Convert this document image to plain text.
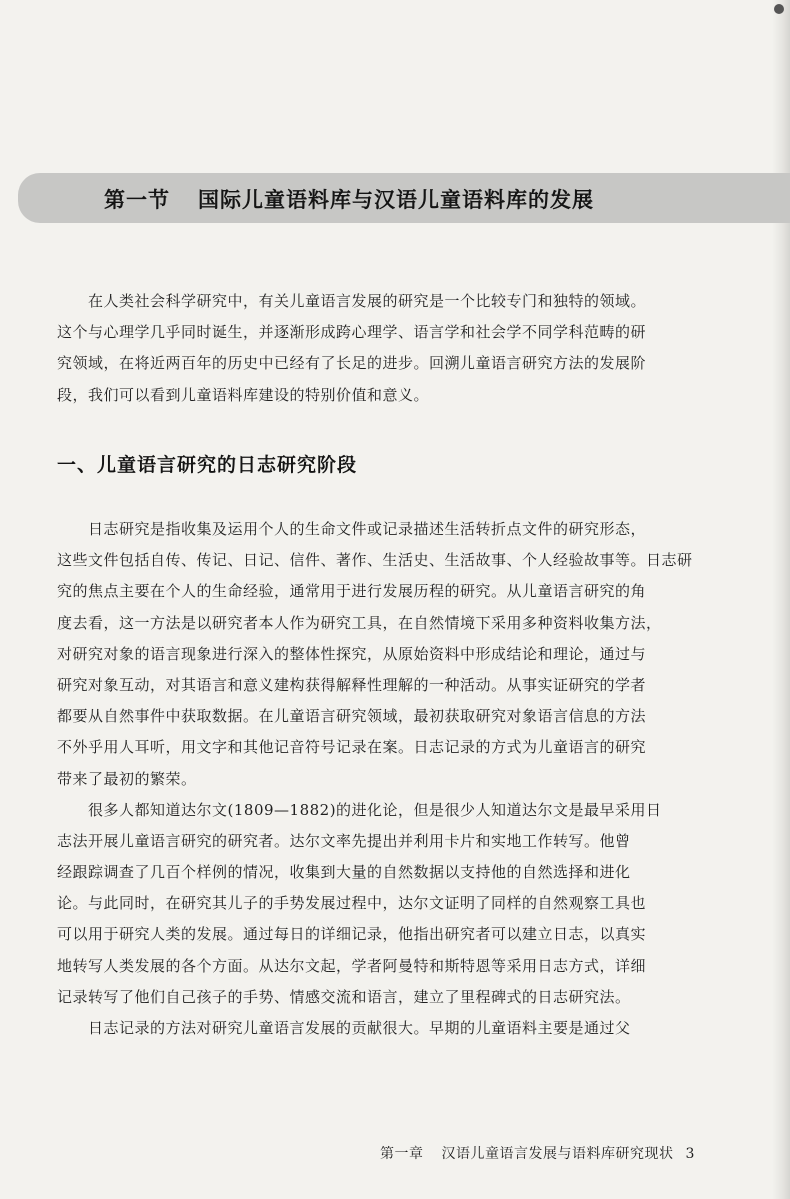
第一节 国际儿童语料库与汉语儿童语料库的发展
　　在人类社会科学研究中，有关儿童语言发展的研究是一个比较专门和独特的领域。
这个与心理学几乎同时诞生，并逐渐形成跨心理学、语言学和社会学不同学科范畴的研
究领域，在将近两百年的历史中已经有了长足的进步。回溯儿童语言研究方法的发展阶
段，我们可以看到儿童语料库建设的特别价值和意义。
一、儿童语言研究的日志研究阶段
　　日志研究是指收集及运用个人的生命文件或记录描述生活转折点文件的研究形态，
这些文件包括自传、传记、日记、信件、著作、生活史、生活故事、个人经验故事等。日志研
究的焦点主要在个人的生命经验，通常用于进行发展历程的研究。从儿童语言研究的角
度去看，这一方法是以研究者本人作为研究工具，在自然情境下采用多种资料收集方法，
对研究对象的语言现象进行深入的整体性探究，从原始资料中形成结论和理论，通过与
研究对象互动，对其语言和意义建构获得解释性理解的一种活动。从事实证研究的学者
都要从自然事件中获取数据。在儿童语言研究领域，最初获取研究对象语言信息的方法
不外乎用人耳听，用文字和其他记音符号记录在案。日志记录的方式为儿童语言的研究
带来了最初的繁荣。
　　很多人都知道达尔文(1809—1882)的进化论，但是很少人知道达尔文是最早采用日
志法开展儿童语言研究的研究者。达尔文率先提出并利用卡片和实地工作转写。他曾
经跟踪调查了几百个样例的情况，收集到大量的自然数据以支持他的自然选择和进化
论。与此同时，在研究其儿子的手势发展过程中，达尔文证明了同样的自然观察工具也
可以用于研究人类的发展。通过每日的详细记录，他指出研究者可以建立日志，以真实
地转写人类发展的各个方面。从达尔文起，学者阿曼特和斯特恩等采用日志方式，详细
记录转写了他们自己孩子的手势、情感交流和语言，建立了里程碑式的日志研究法。
　　日志记录的方法对研究儿童语言发展的贡献很大。早期的儿童语料主要是通过父
第一章 汉语儿童语言发展与语料库研究现状 3
